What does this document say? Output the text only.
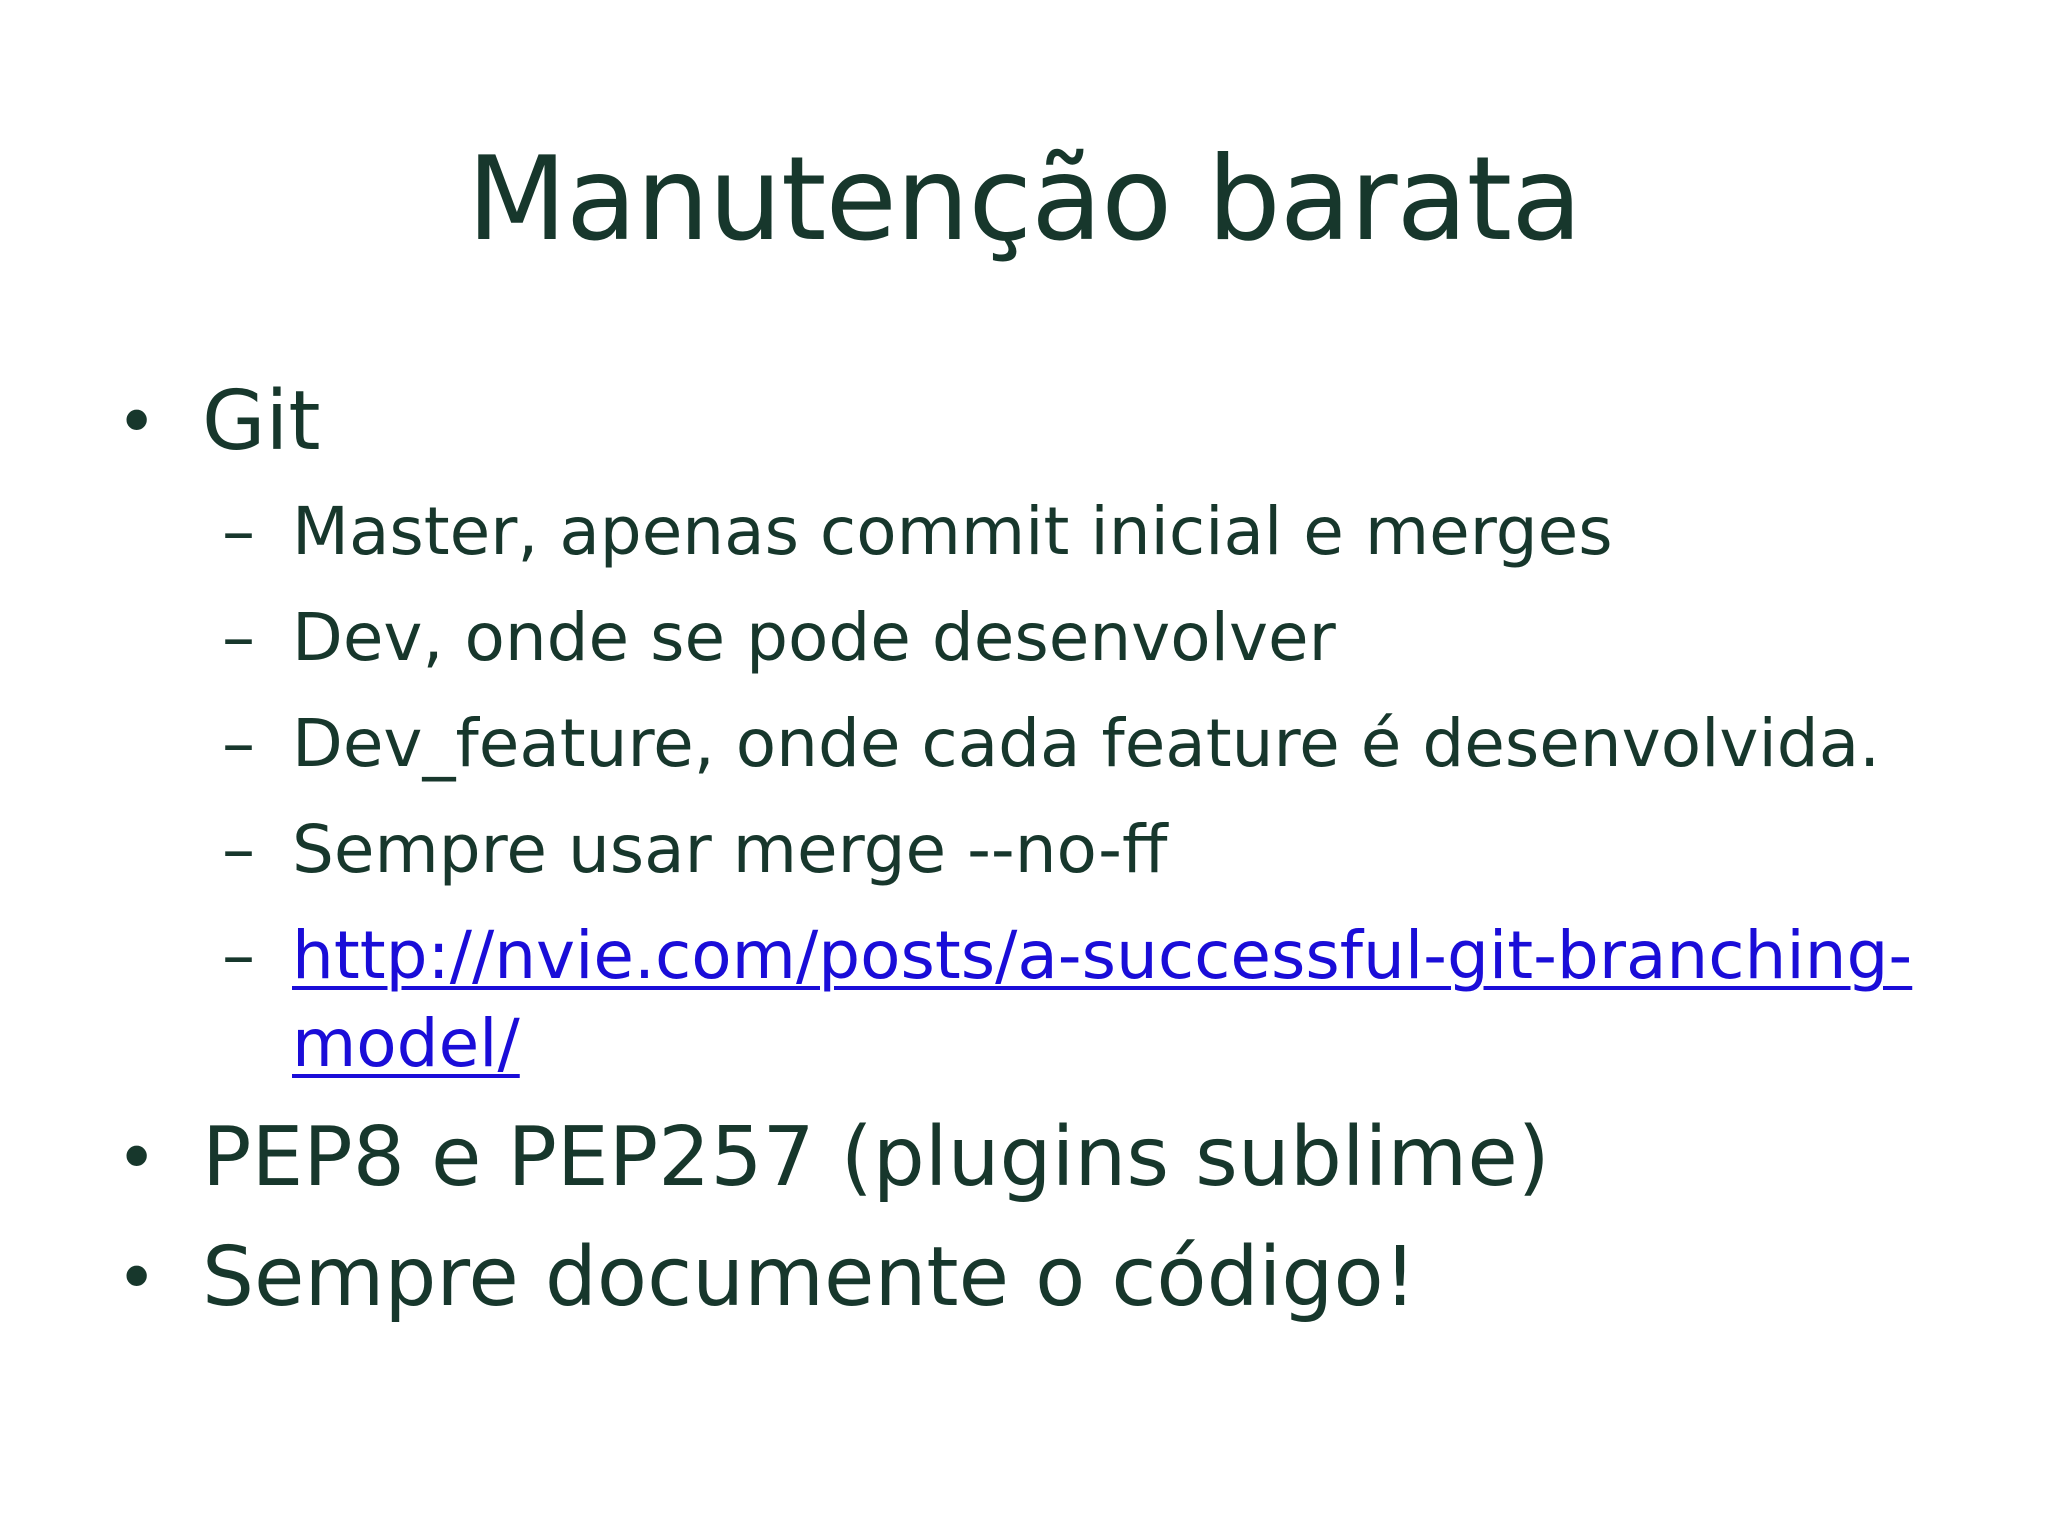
Manutenção barata
• Git
– Master, apenas commit inicial e merges
– Dev, onde se pode desenvolver
– Dev_feature, onde cada feature é desenvolvida.
– Sempre usar merge --no-ff
– http://nvie.com/posts/a-successful-git-branching-
model/
• PEP8 e PEP257 (plugins sublime)
• Sempre documente o código!
